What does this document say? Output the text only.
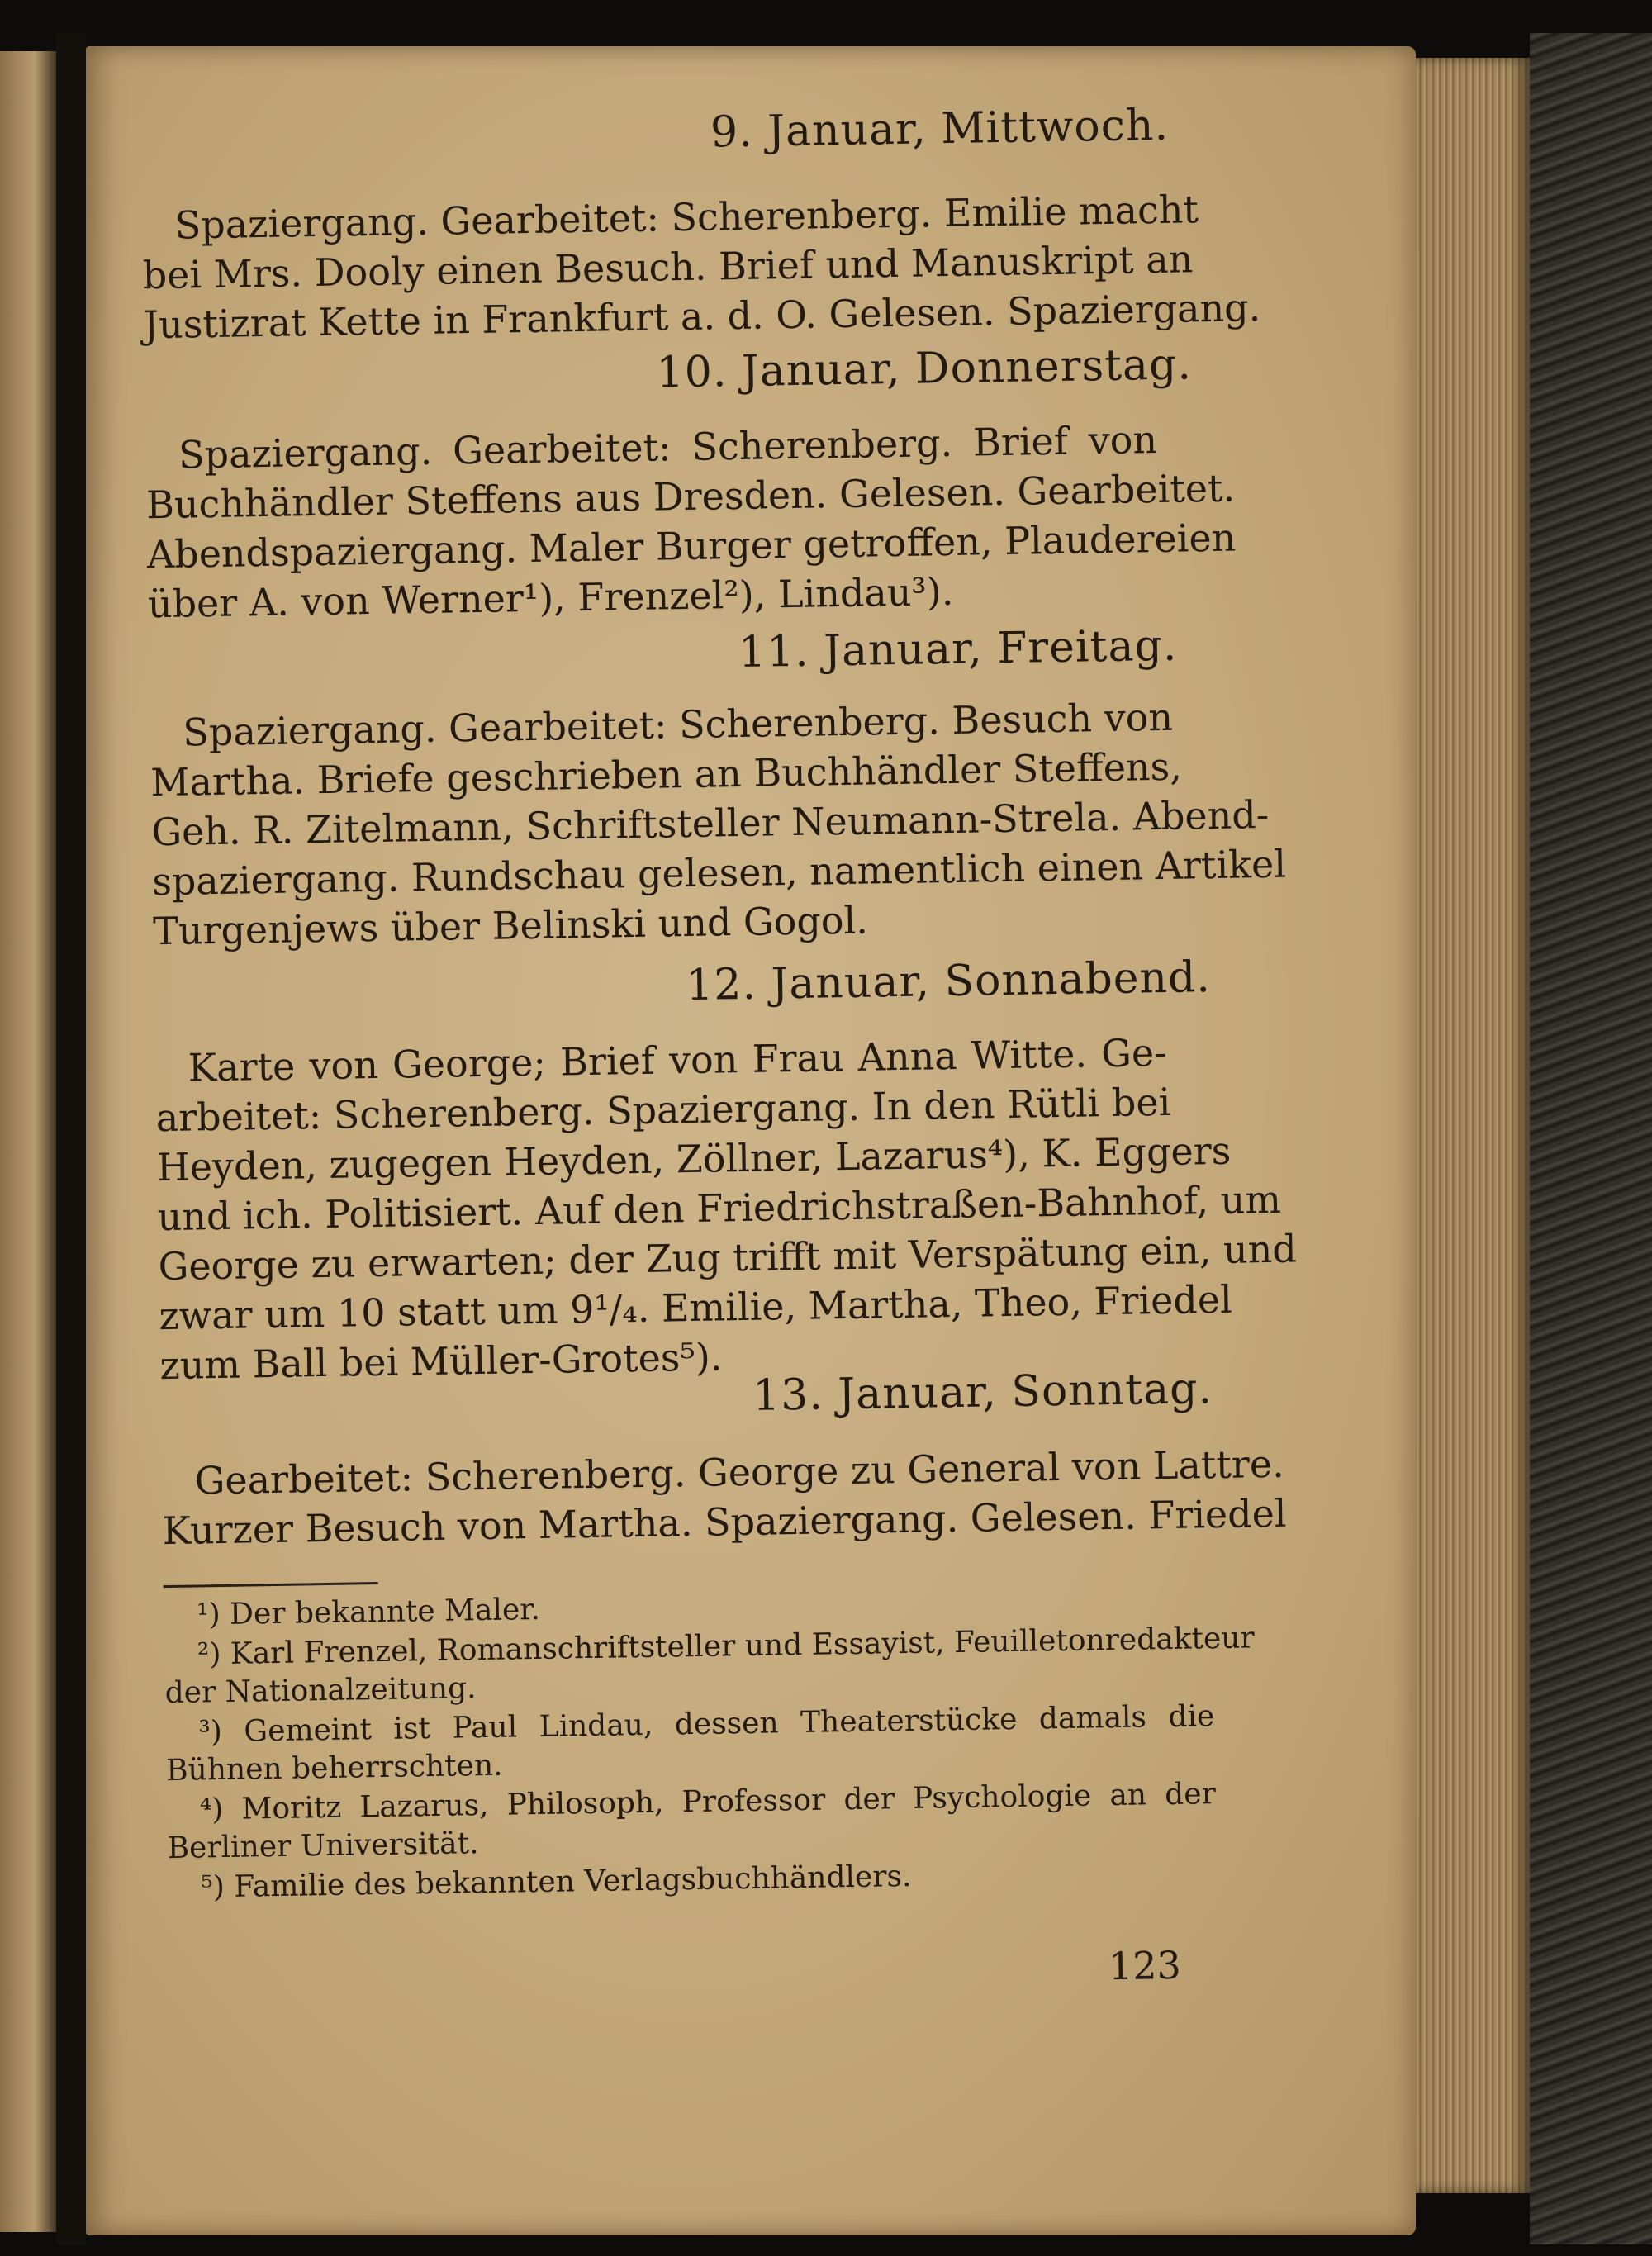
9. Januar, Mittwoch.
Spaziergang. Gearbeitet: Scherenberg. Emilie macht
bei Mrs. Dooly einen Besuch. Brief und Manuskript an
Justizrat Kette in Frankfurt a. d. O. Gelesen. Spaziergang.
10. Januar, Donnerstag.
Spaziergang. Gearbeitet: Scherenberg. Brief von
Buchhändler Steffens aus Dresden. Gelesen. Gearbeitet.
Abendspaziergang. Maler Burger getroffen, Plaudereien
über A. von Werner¹), Frenzel²), Lindau³).
11. Januar, Freitag.
Spaziergang. Gearbeitet: Scherenberg. Besuch von
Martha. Briefe geschrieben an Buchhändler Steffens,
Geh. R. Zitelmann, Schriftsteller Neumann-Strela. Abend-
spaziergang. Rundschau gelesen, namentlich einen Artikel
Turgenjews über Belinski und Gogol.
12. Januar, Sonnabend.
Karte von George; Brief von Frau Anna Witte. Ge-
arbeitet: Scherenberg. Spaziergang. In den Rütli bei
Heyden, zugegen Heyden, Zöllner, Lazarus⁴), K. Eggers
und ich. Politisiert. Auf den Friedrichstraßen-Bahnhof, um
George zu erwarten; der Zug trifft mit Verspätung ein, und
zwar um 10 statt um 9¹/₄. Emilie, Martha, Theo, Friedel
zum Ball bei Müller-Grotes⁵).
13. Januar, Sonntag.
Gearbeitet: Scherenberg. George zu General von Lattre.
Kurzer Besuch von Martha. Spaziergang. Gelesen. Friedel
¹) Der bekannte Maler.
²) Karl Frenzel, Romanschriftsteller und Essayist, Feuilletonredakteur
der Nationalzeitung.
³) Gemeint ist Paul Lindau, dessen Theaterstücke damals die
Bühnen beherrschten.
⁴) Moritz Lazarus, Philosoph, Professor der Psychologie an der
Berliner Universität.
⁵) Familie des bekannten Verlagsbuchhändlers.
123
